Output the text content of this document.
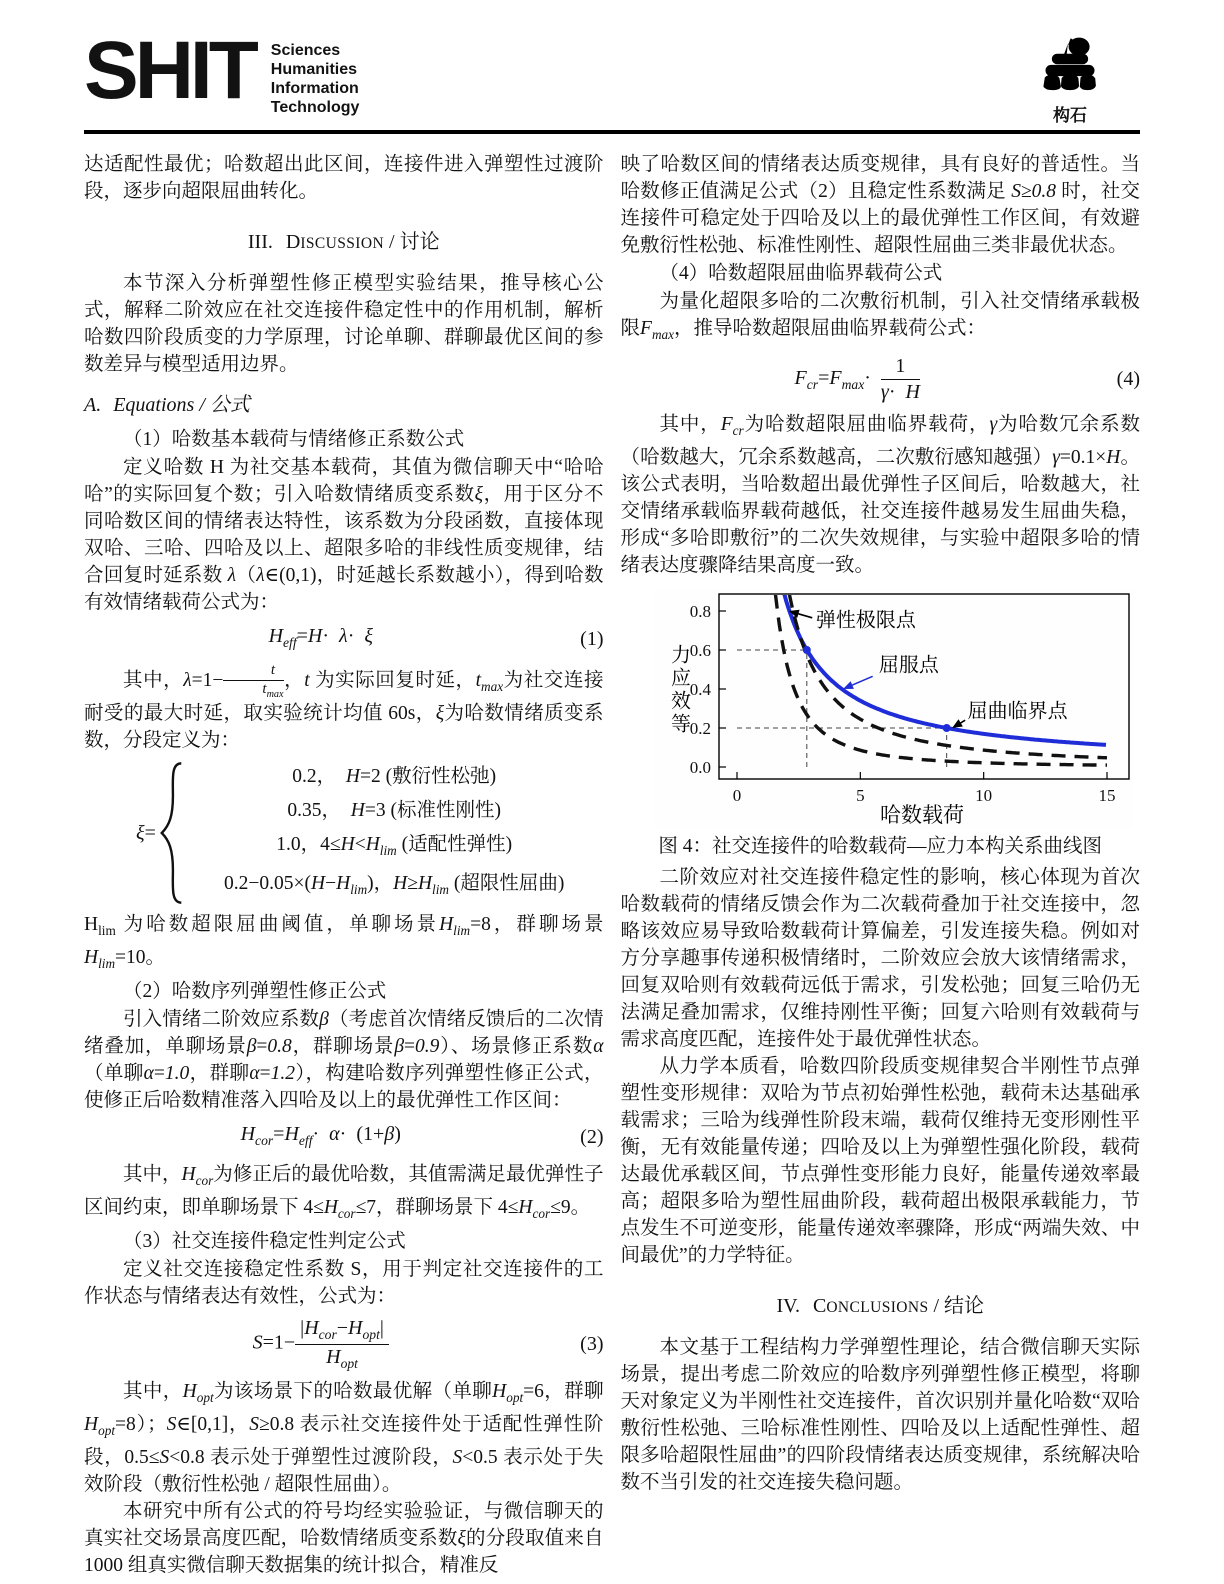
SHIT Sciences
Humanities
Information
Technology	构石

达适配性最优；哈数超出此区间，连接件进入弹塑性过渡阶段，逐步向超限屈曲转化。

III. DISCUSSION / 讨论

本节深入分析弹塑性修正模型实验结果，推导核心公式，解释二阶效应在社交连接件稳定性中的作用机制，解析哈数四阶段质变的力学原理，讨论单聊、群聊最优区间的参数差异与模型适用边界。

A. Equations / 公式

（1）哈数基本载荷与情绪修正系数公式

定义哈数 H 为社交基本载荷，其值为微信聊天中“哈哈哈”的实际回复个数；引入哈数情绪质变系数ξ，用于区分不同哈数区间的情绪表达特性，该系数为分段函数，直接体现双哈、三哈、四哈及以上、超限多哈的非线性质变规律，结合回复时延系数 λ（λ∈(0,1)，时延越长系数越小），得到哈数有效情绪载荷公式为：

$H_{eff}=H\cdot \lambda\cdot \xi$	(1)

其中，$\lambda=1- \frac{t}{t_{max}}$ ，t 为实际回复时延，$t_{max}$为社交连接耐受的最大时延，取实验统计均值 60s，ξ为哈数情绪质变系数，分段定义为：

ξ=
0.2，  H=2 (敷衍性松弛)
0.35，  H=3 (标准性刚性)
1.0，$4\le H<H_{lim}$ (适配性弹性)
$0.2-0.05\times(H-H_{lim})$，$H\ge H_{lim}$ (超限性屈曲)

$H_{lim}$ 为哈数超限屈曲阈值，单聊场景$H_{lim}=8$，群聊场景$H_{lim}=10$。

（2）哈数序列弹塑性修正公式

引入情绪二阶效应系数β（考虑首次情绪反馈后的二次情绪叠加，单聊场景β=0.8，群聊场景β=0.9）、场景修正系数α（单聊α=1.0，群聊α=1.2），构建哈数序列弹塑性修正公式，使修正后哈数精准落入四哈及以上的最优弹性工作区间：

$H_{cor}=H_{eff}\cdot \alpha\cdot (1+\beta)$	(2)

其中，$H_{cor}$为修正后的最优哈数，其值需满足最优弹性子区间约束，即单聊场景下 $4\le H_{cor}\le 7$，群聊场景下 $4\le H_{cor}\le 9$。

（3）社交连接件稳定性判定公式

定义社交连接稳定性系数 S，用于判定社交连接件的工作状态与情绪表达有效性，公式为：

$S=1- \frac{|H_{cor}-H_{opt}|}{H_{opt}}$	(3)

其中，$H_{opt}$为该场景下的哈数最优解（单聊$H_{opt}=6$，群聊$H_{opt}=8$）；S∈[0,1]，S≥0.8 表示社交连接件处于适配性弹性阶段，0.5≤S<0.8 表示处于弹塑性过渡阶段，S<0.5 表示处于失效阶段（敷衍性松弛 / 超限性屈曲）。

本研究中所有公式的符号均经实验验证，与微信聊天的真实社交场景高度匹配，哈数情绪质变系数ξ的分段取值来自 1000 组真实微信聊天数据集的统计拟合，精准反

映了哈数区间的情绪表达质变规律，具有良好的普适性。当哈数修正值满足公式（2）且稳定性系数满足 S≥0.8 时，社交连接件可稳定处于四哈及以上的最优弹性工作区间，有效避免敷衍性松弛、标准性刚性、超限性屈曲三类非最优状态。

（4）哈数超限屈曲临界载荷公式

为量化超限多哈的二次敷衍机制，引入社交情绪承载极限$F_{max}$，推导哈数超限屈曲临界载荷公式：

$F_{cr}=F_{max}\cdot \frac{1}{\gamma\cdot H}$	(4)

其中，$F_{cr}$为哈数超限屈曲临界载荷，γ为哈数冗余系数（哈数越大，冗余系数越高，二次敷衍感知越强）γ=0.1×H。该公式表明，当哈数超出最优弹性子区间后，哈数越大，社交情绪承载临界载荷越低，社交连接件越易发生屈曲失稳，形成“多哈即敷衍”的二次失效规律，与实验中超限多哈的情绪表达度骤降结果高度一致。

0	5	10	15
0.0
0.2
0.4
0.6
0.8	弹性极限点
屈服点
屈曲临界点
哈数载荷
力
应
效
等
图 4：社交连接件的哈数载荷—应力本构关系曲线图

二阶效应对社交连接件稳定性的影响，核心体现为首次哈数载荷的情绪反馈会作为二次载荷叠加于社交连接中，忽略该效应易导致哈数载荷计算偏差，引发连接失稳。例如对方分享趣事传递积极情绪时，二阶效应会放大该情绪需求，回复双哈则有效载荷远低于需求，引发松弛；回复三哈仍无法满足叠加需求，仅维持刚性平衡；回复六哈则有效载荷与需求高度匹配，连接件处于最优弹性状态。

从力学本质看，哈数四阶段质变规律契合半刚性节点弹塑性变形规律：双哈为节点初始弹性松弛，载荷未达基础承载需求；三哈为线弹性阶段末端，载荷仅维持无变形刚性平衡，无有效能量传递；四哈及以上为弹塑性强化阶段，载荷达最优承载区间，节点弹性变形能力良好，能量传递效率最高；超限多哈为塑性屈曲阶段，载荷超出极限承载能力，节点发生不可逆变形，能量传递效率骤降，形成“两端失效、中间最优”的力学特征。

IV. CONCLUSIONS / 结论

本文基于工程结构力学弹塑性理论，结合微信聊天实际场景，提出考虑二阶效应的哈数序列弹塑性修正模型，将聊天对象定义为半刚性社交连接件，首次识别并量化哈数“双哈敷衍性松弛、三哈标准性刚性、四哈及以上适配性弹性、超限多哈超限性屈曲”的四阶段情绪表达质变规律，系统解决哈数不当引发的社交连接失稳问题。
